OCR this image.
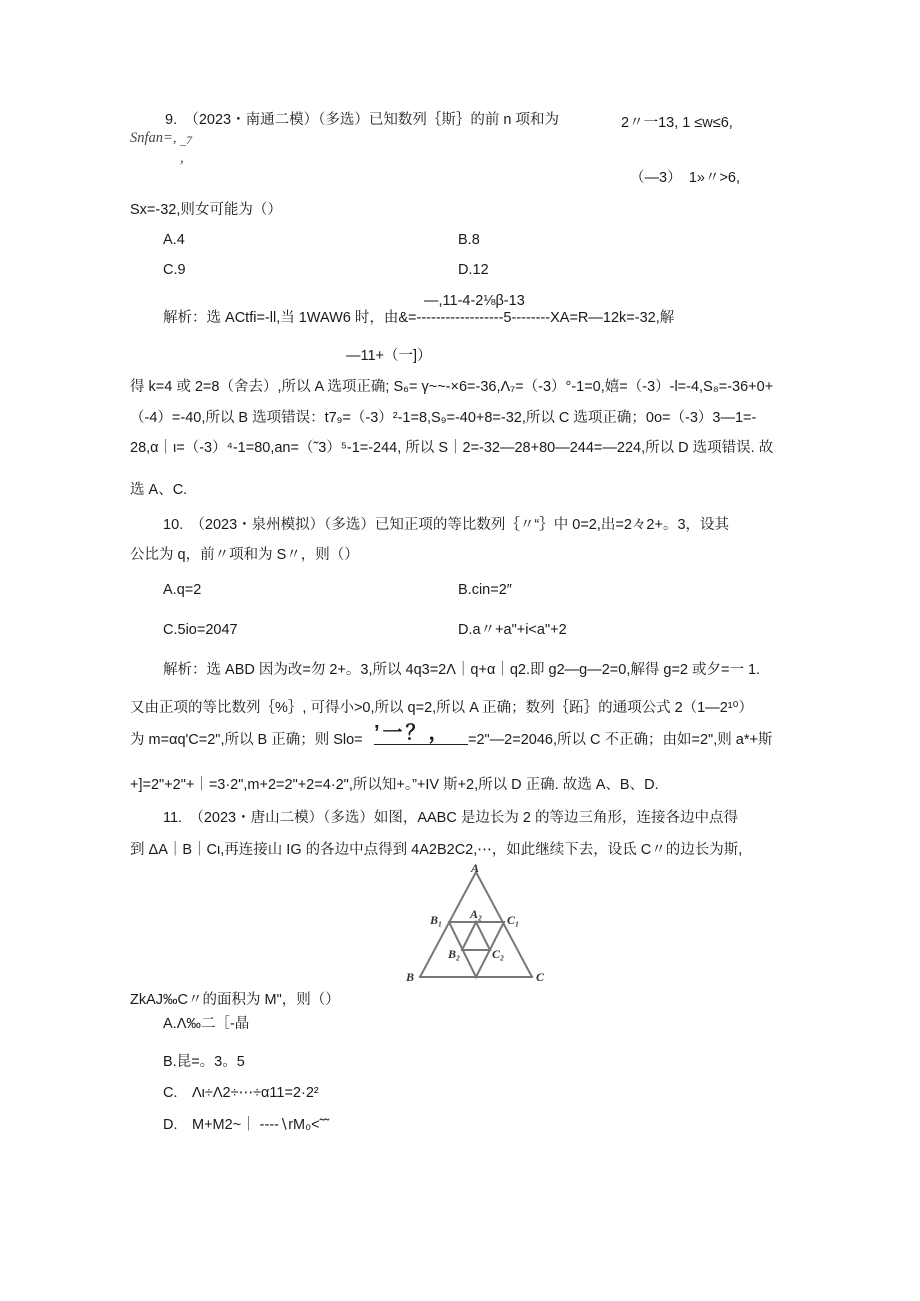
9.　（2023・南通二模）（多选）已知数列｛斯｝的前 n 项和为	2〃一13, 1 ≤w≤6,
Snfan=, _7
,
（—3）　1»〃>6,
Sx=-32,则女可能为（）
A.4	B.8
C.9	D.12
—,11-4-2⅛β-13
解析：选 ACtfi=-ll,当 1WAW6 时，由&=------------------5--------XA=R—12k=-32,解
—11+（一]）
得 k=4 或 2=8（舍去）,所以 A 选项正确; S₆= γ~~-×6=-36,Λ₇=（-3）°-1=0,嬉=（-3）-l=-4,S₈=-36+0+
（-4）=-40,所以 B 选项错误：t7₉=（-3）²-1=8,S₉=-40+8=-32,所以 C 选项正确；0o=（-3）3—1=-
28,α｜ι=（-3）⁴-1=80,an=（˜3）⁵-1=-244, 所以 S｜2=-32—28+80—244=—224,所以 D 选项错误. 故
选 A、C.
10.　（2023・泉州模拟）（多选）已知正项的等比数列｛〃“｝中 0=2,出=2々2+。3，设其
公比为 q，前〃项和为 S〃，则（）
A.q=2	B.cin=2″
C.5io=2047	D.a〃+a"+i<a"+2
解析：选 ABD 因为改=勿 2+。3,所以 4q3=2Λ｜q+α｜q2.即 g2—g—2=0,解得 g=2 或夕=一 1.
又由正项的等比数列｛%｝, 可得小>0,所以 q=2,所以 A 正确；数列｛跖｝的通项公式 2（1—2¹⁰）
为 m=αq'C=2",所以 B 正确；则 Slo= ’一？，	=2"—2=2046,所以 C 不正确；由如=2",则 a*+斯
+]=2"+2"+｜=3·2",m+2=2"+2=4·2",所以知+。”+IV 斯+2,所以 D 正确. 故选 A、B、D.
11.　（2023・唐山二模）（多选）如图，AABC 是边长为 2 的等边三角形，连接各边中点得
到 ΔA｜B｜Cι,再连接山 IG 的各边中点得到 4A2B2C2,⋯，如此继续下去，设氐 C〃的边长为斯,
A
B	C
B₁	C₁
A₂
B₂	C₂
ZkAJ‰C〃的面积为 M"，则（）
A.Λ‰二［-晶
B.昆=。3。5
C.　Λι÷Λ2÷⋯÷α11=2·2²
D.　M+M2~｜ ----∖rM₀<˜˜
